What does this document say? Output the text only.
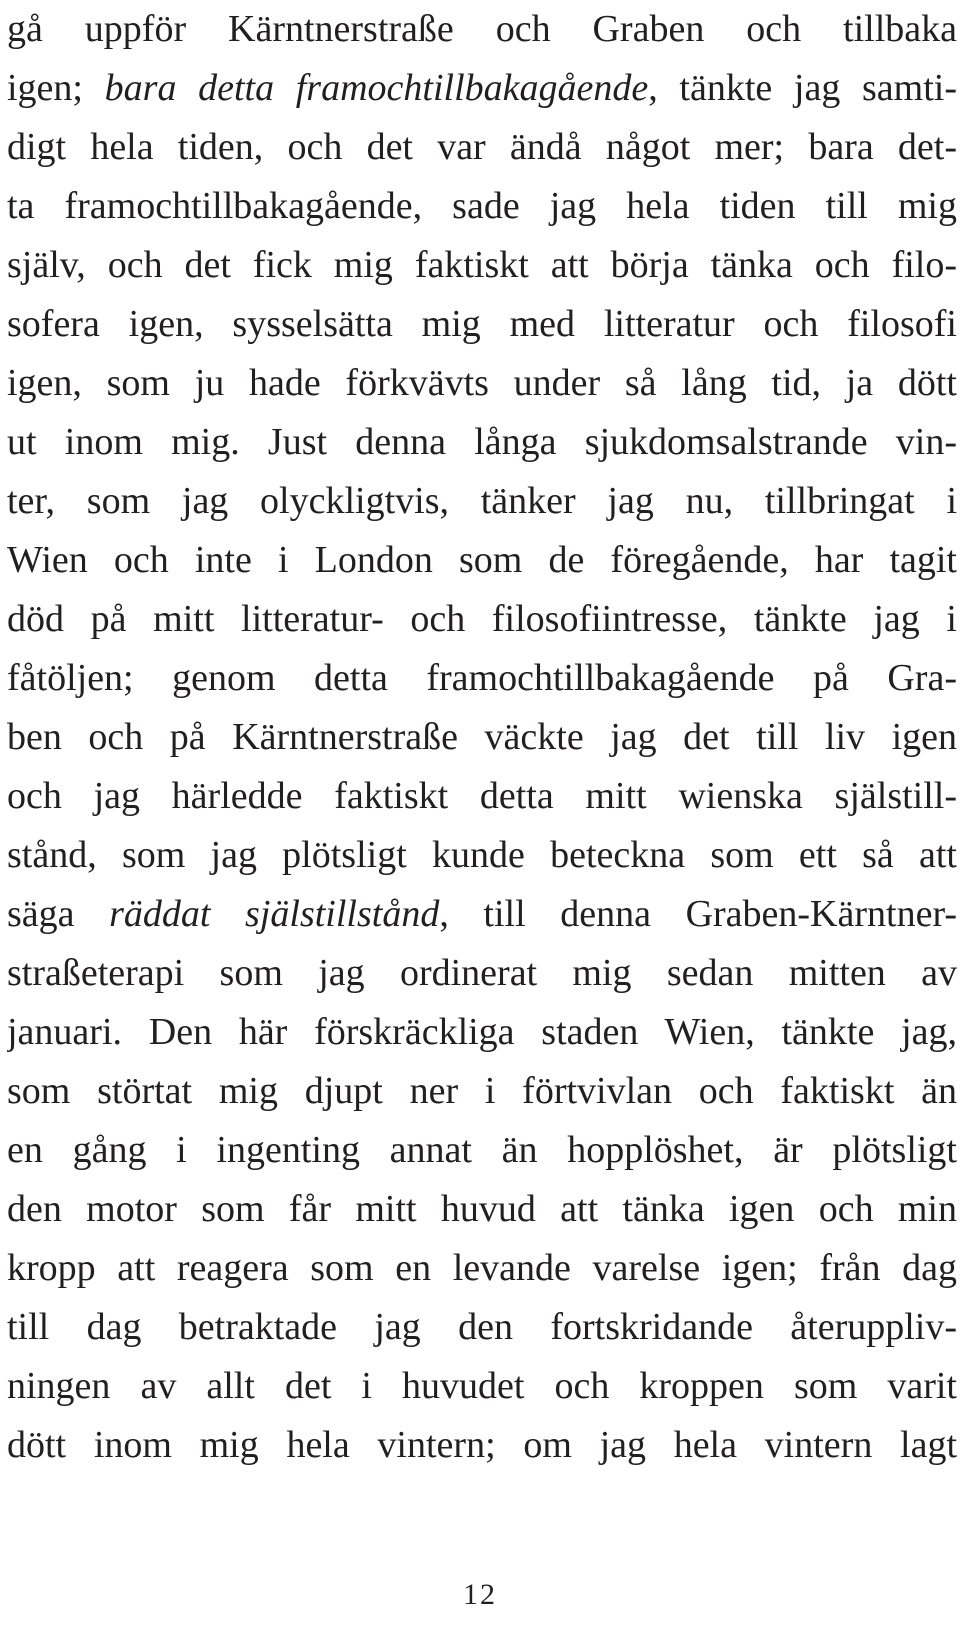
gå uppför Kärntnerstraße och Graben och tillbaka
igen; bara detta framochtillbakagående, tänkte jag samti-
digt hela tiden, och det var ändå något mer; bara det-
ta framochtillbakagående, sade jag hela tiden till mig
själv, och det fick mig faktiskt att börja tänka och filo-
sofera igen, sysselsätta mig med litteratur och filosofi
igen, som ju hade förkvävts under så lång tid, ja dött
ut inom mig. Just denna långa sjukdomsalstrande vin-
ter, som jag olyckligtvis, tänker jag nu, tillbringat i
Wien och inte i London som de föregående, har tagit
död på mitt litteratur- och filosofiintresse, tänkte jag i
fåtöljen; genom detta framochtillbakagående på Gra-
ben och på Kärntnerstraße väckte jag det till liv igen
och jag härledde faktiskt detta mitt wienska själstill-
stånd, som jag plötsligt kunde beteckna som ett så att
säga räddat själstillstånd, till denna Graben-Kärntner-
straßeterapi som jag ordinerat mig sedan mitten av
januari. Den här förskräckliga staden Wien, tänkte jag,
som störtat mig djupt ner i förtvivlan och faktiskt än
en gång i ingenting annat än hopplöshet, är plötsligt
den motor som får mitt huvud att tänka igen och min
kropp att reagera som en levande varelse igen; från dag
till dag betraktade jag den fortskridande återuppliv-
ningen av allt det i huvudet och kroppen som varit
dött inom mig hela vintern; om jag hela vintern lagt
12
